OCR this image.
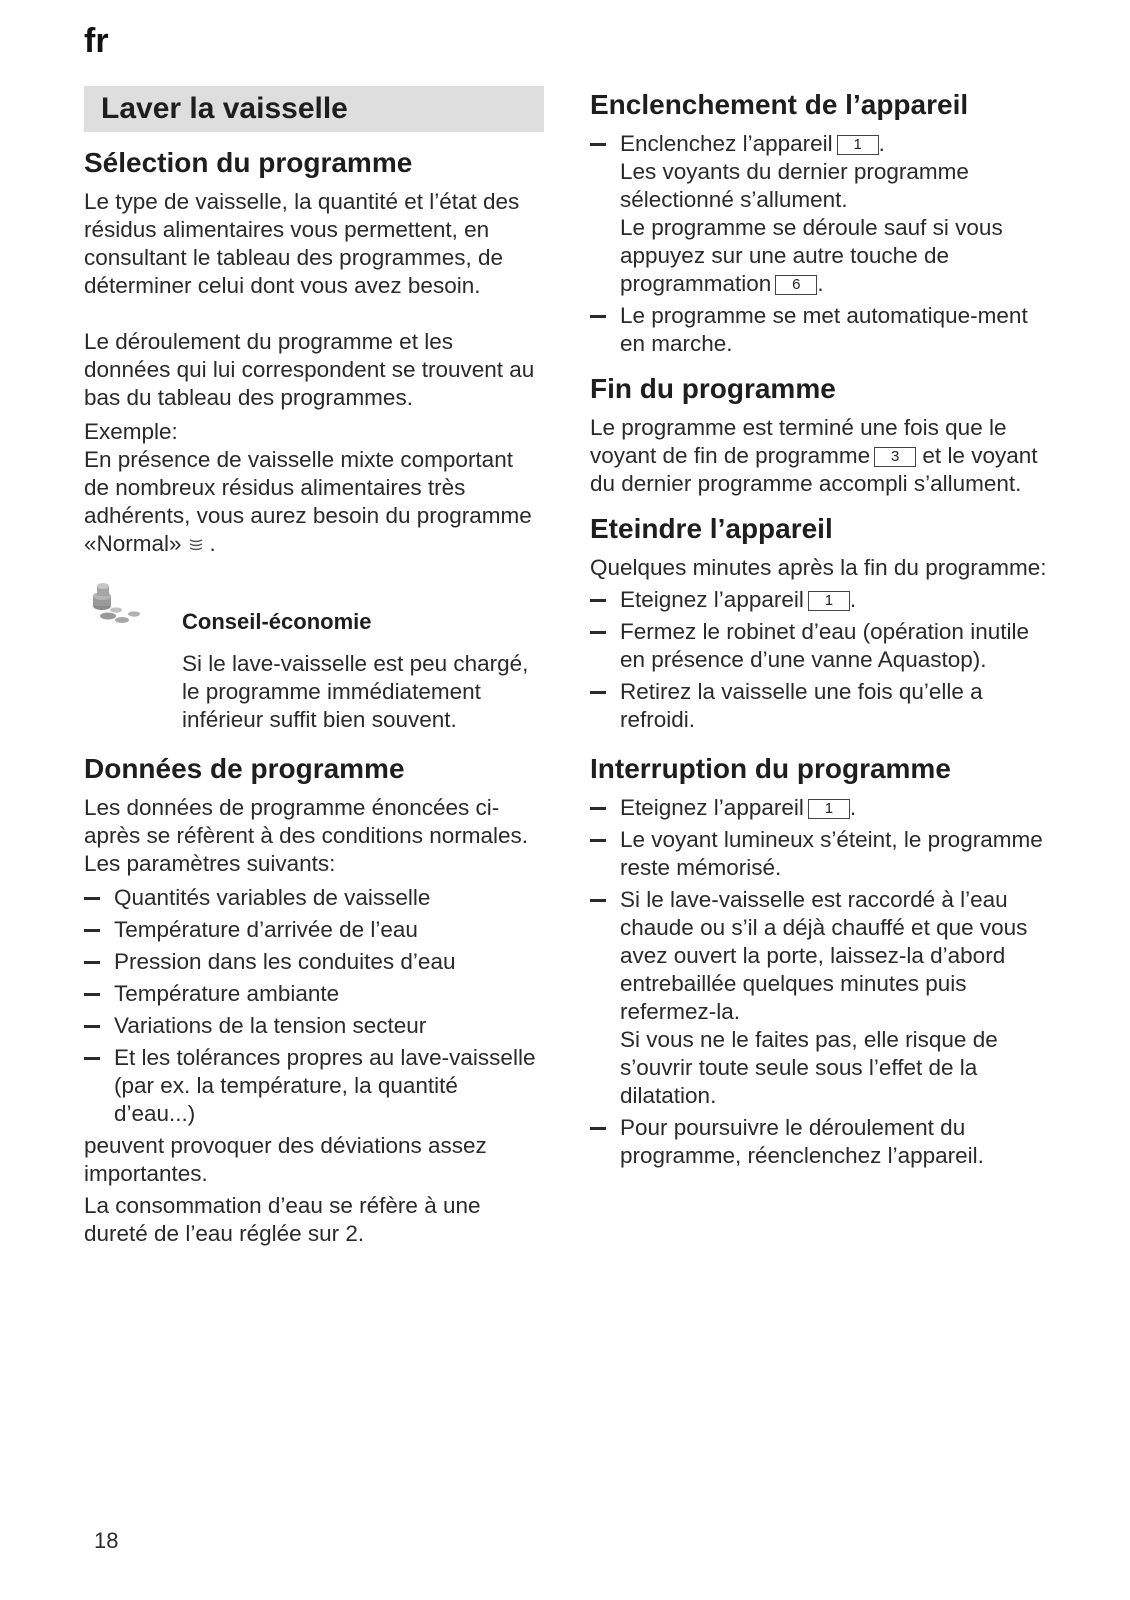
fr
Laver la vaisselle
Sélection du programme

Le type de vaisselle, la quantité et l’état des résidus alimentaires vous permettent, en consultant le tableau des programmes, de déterminer celui dont vous avez besoin.

Le déroulement du programme et les données qui lui correspondent se trouvent au bas du tableau des programmes.

Exemple:

En présence de vaisselle mixte comportant de nombreux résidus alimentaires très adhérents, vous aurez besoin du programme «Normal» .

Conseil-économie

Si le lave-vaisselle est peu chargé, le programme immédiatement inférieur suffit bien souvent.

Données de programme

Les données de programme énoncées ci-après se réfèrent à des conditions normales.

Les paramètres suivants:

Quantités variables de vaisselle
Température d’arrivée de l’eau
Pression dans les conduites d’eau
Température ambiante
Variations de la tension secteur
Et les tolérances propres au lave-vaisselle (par ex. la température, la quantité d’eau...)

peuvent provoquer des déviations assez importantes.

La consommation d’eau se réfère à une dureté de l’eau réglée sur 2.

Enclenchement de l’appareil
Enclenchez l’appareil 1 .
Les voyants du dernier programme sélectionné s’allument.
Le programme se déroule sauf si vous appuyez sur une autre touche de programmation 6 .
Le programme se met automatique-ment en marche.
Fin du programme

Le programme est terminé une fois que le voyant de fin de programme 3 et le voyant du dernier programme accompli s’allument.

Eteindre l’appareil

Quelques minutes après la fin du programme:

Eteignez l’appareil 1 .
Fermez le robinet d’eau (opération inutile en présence d’une vanne Aquastop).
Retirez la vaisselle une fois qu’elle a refroidi.
Interruption du programme
Eteignez l’appareil 1 .
Le voyant lumineux s’éteint, le programme reste mémorisé.
Si le lave-vaisselle est raccordé à l’eau chaude ou s’il a déjà chauffé et que vous avez ouvert la porte, laissez-la d’abord entrebaillée quelques minutes puis refermez-la.
Si vous ne le faites pas, elle risque de s’ouvrir toute seule sous l’effet de la dilatation.
Pour poursuivre le déroulement du programme, réenclenchez l’appareil.
18
